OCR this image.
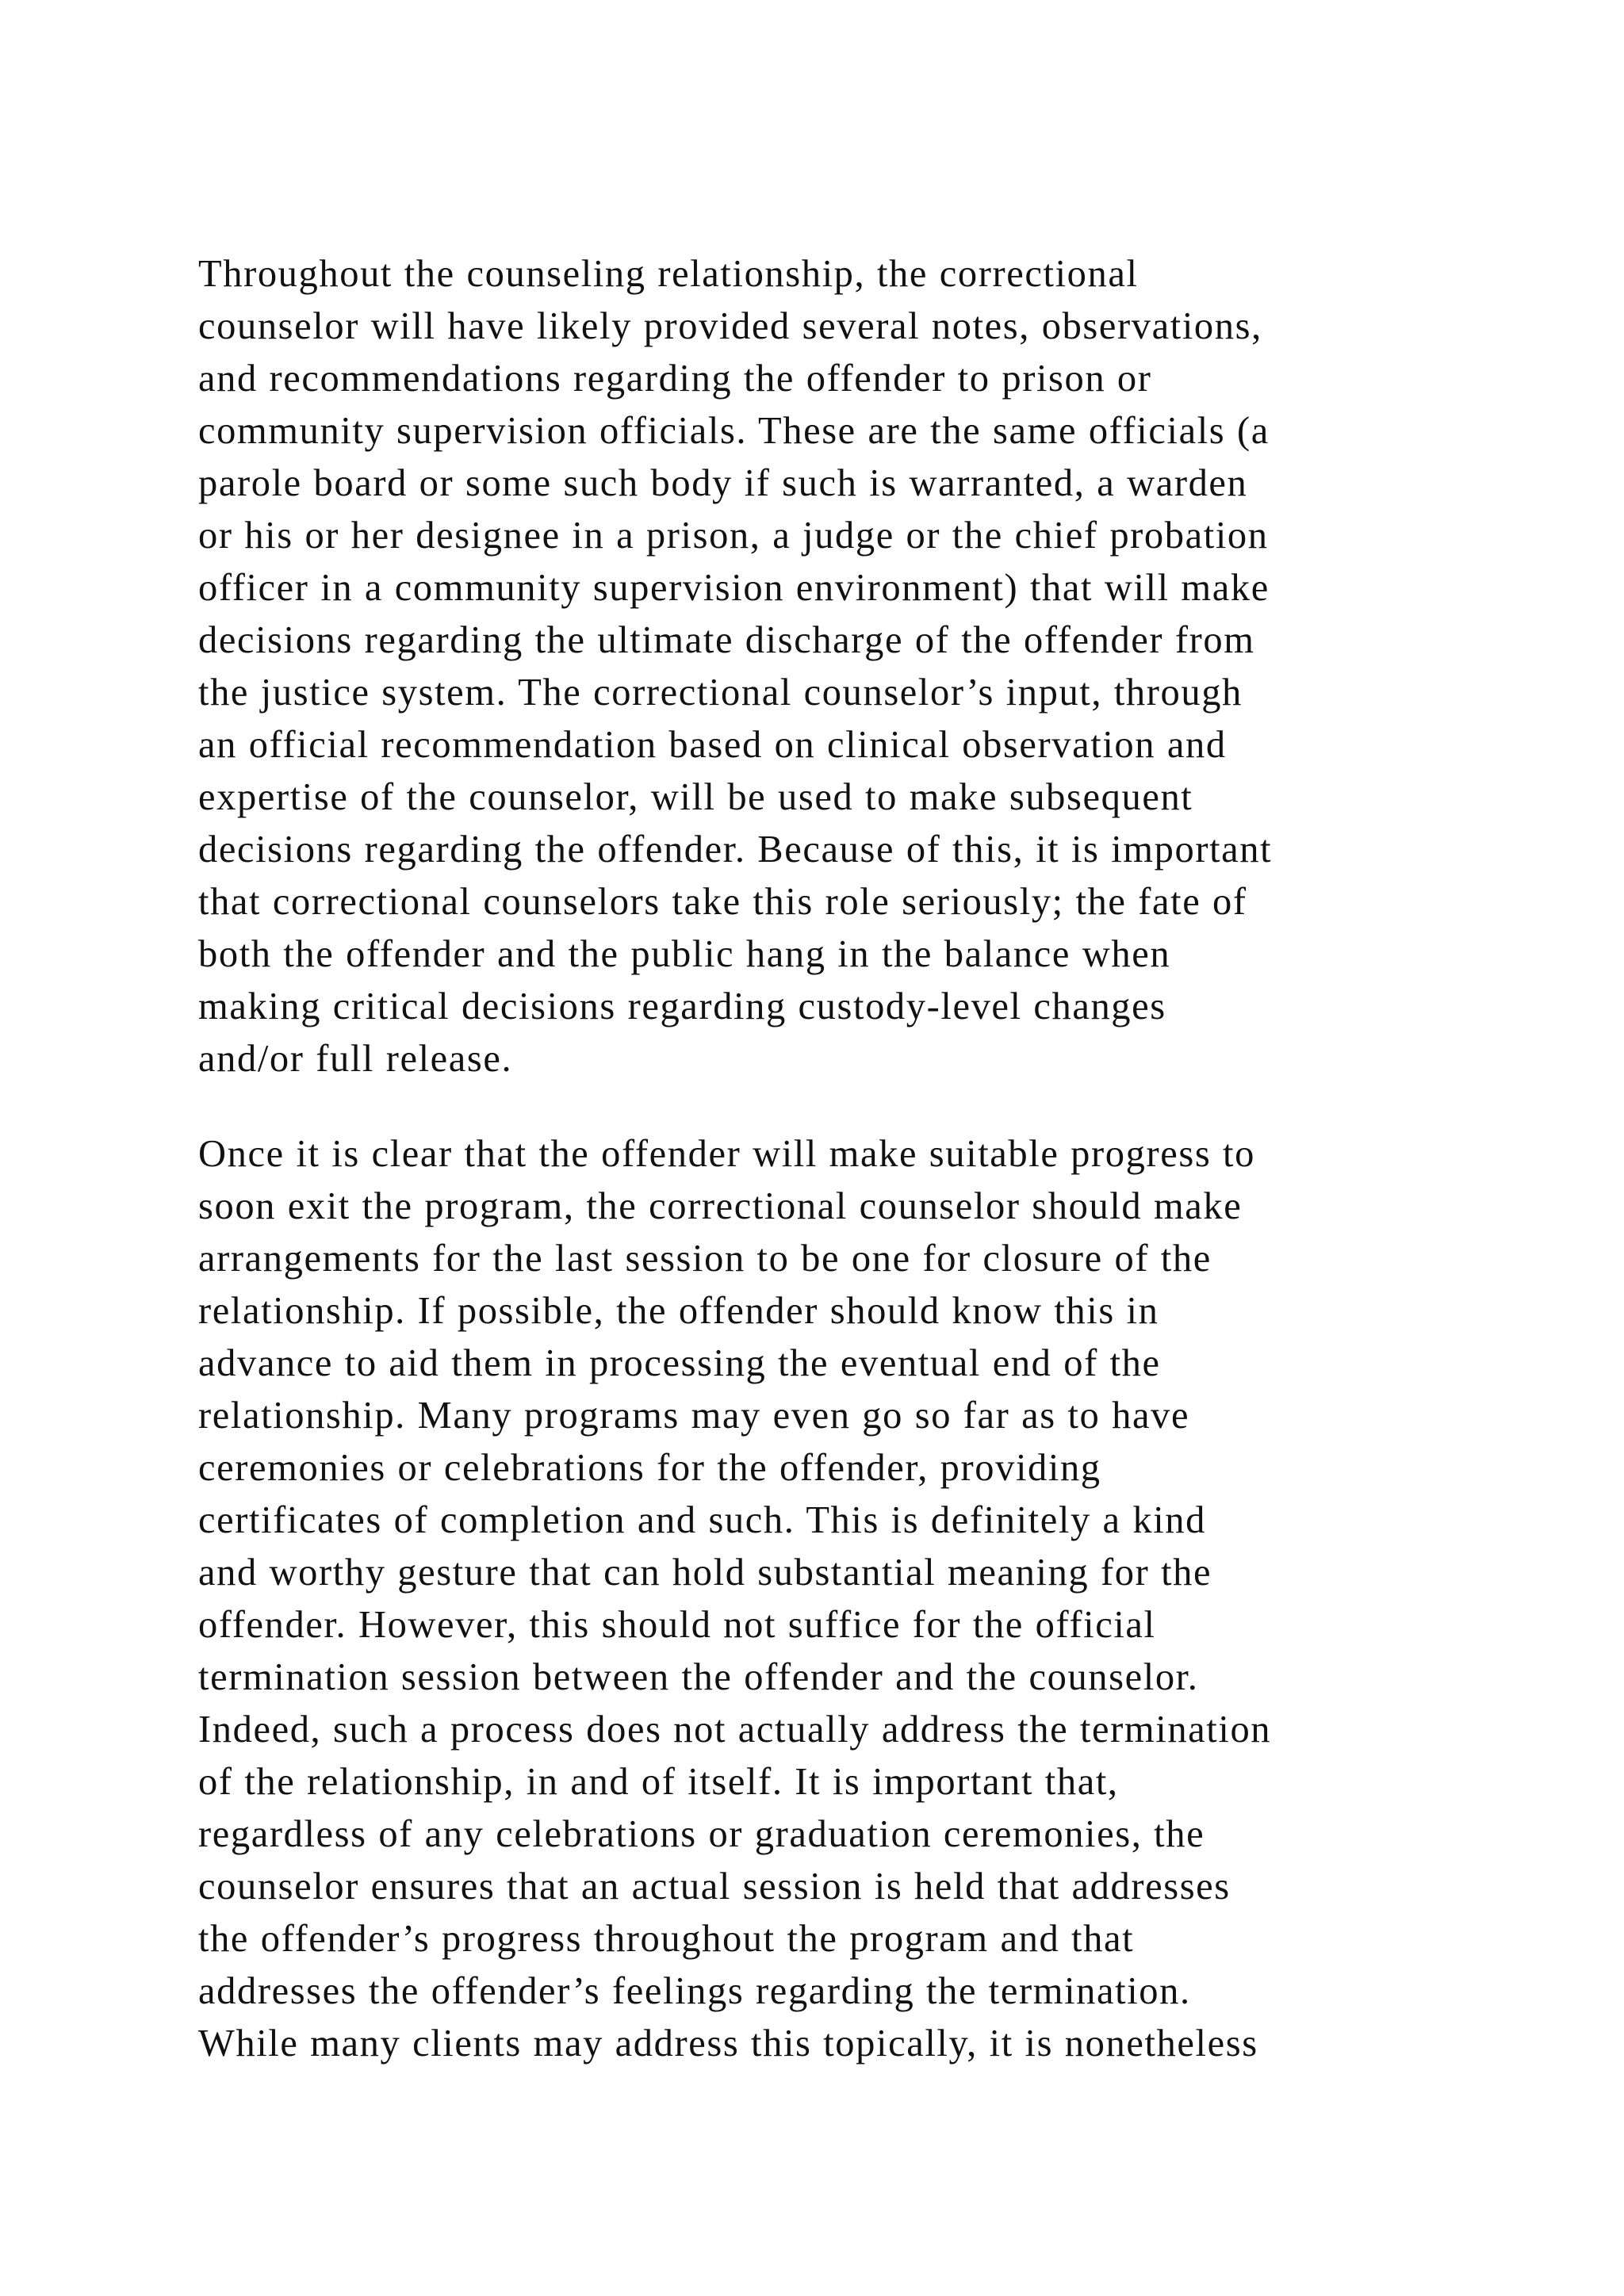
Throughout the counseling relationship, the correctional
counselor will have likely provided several notes, observations,
and recommendations regarding the offender to prison or
community supervision officials. These are the same officials (a
parole board or some such body if such is warranted, a warden
or his or her designee in a prison, a judge or the chief probation
officer in a community supervision environment) that will make
decisions regarding the ultimate discharge of the offender from
the justice system. The correctional counselor’s input, through
an official recommendation based on clinical observation and
expertise of the counselor, will be used to make subsequent
decisions regarding the offender. Because of this, it is important
that correctional counselors take this role seriously; the fate of
both the offender and the public hang in the balance when
making critical decisions regarding custody-level changes
and/or full release.
Once it is clear that the offender will make suitable progress to
soon exit the program, the correctional counselor should make
arrangements for the last session to be one for closure of the
relationship. If possible, the offender should know this in
advance to aid them in processing the eventual end of the
relationship. Many programs may even go so far as to have
ceremonies or celebrations for the offender, providing
certificates of completion and such. This is definitely a kind
and worthy gesture that can hold substantial meaning for the
offender. However, this should not suffice for the official
termination session between the offender and the counselor.
Indeed, such a process does not actually address the termination
of the relationship, in and of itself. It is important that,
regardless of any celebrations or graduation ceremonies, the
counselor ensures that an actual session is held that addresses
the offender’s progress throughout the program and that
addresses the offender’s feelings regarding the termination.
While many clients may address this topically, it is nonetheless
